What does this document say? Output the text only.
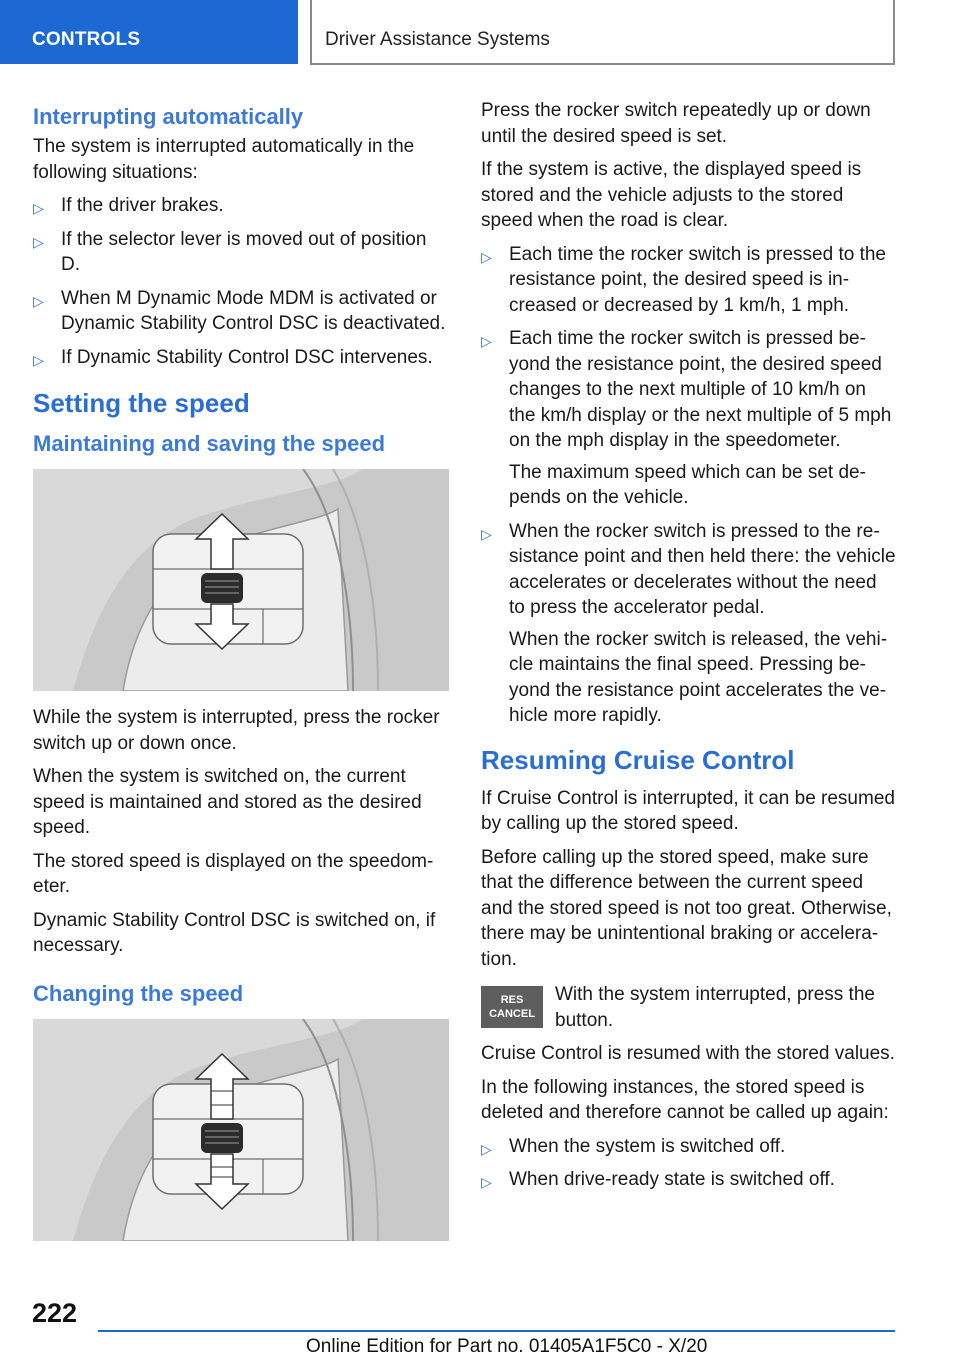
CONTROLS	Driver Assistance Systems
Interrupting automatically

The system is interrupted automatically in the following situations:

▷ If the driver brakes.
▷ If the selector lever is moved out of position D.
▷ When M Dynamic Mode MDM is activated or Dynamic Stability Control DSC is deactivated.
▷ If Dynamic Stability Control DSC intervenes.
Setting the speed
Maintaining and saving the speed

While the system is interrupted, press the rocker switch up or down once.

When the system is switched on, the current speed is maintained and stored as the desired speed.

The stored speed is displayed on the speedometer.

Dynamic Stability Control DSC is switched on, if necessary.

Changing the speed

Press the rocker switch repeatedly up or down until the desired speed is set.

If the system is active, the displayed speed is stored and the vehicle adjusts to the stored speed when the road is clear.

▷ Each time the rocker switch is pressed to the resistance point, the desired speed is increased or decreased by 1 km/h, 1 mph.
▷ Each time the rocker switch is pressed beyond the resistance point, the desired speed changes to the next multiple of 10 km/h on the km/h display or the next multiple of 5 mph on the mph display in the speedometer.

The maximum speed which can be set depends on the vehicle.

▷ When the rocker switch is pressed to the resistance point and then held there: the vehicle accelerates or decelerates without the need to press the accelerator pedal.

When the rocker switch is released, the vehicle maintains the final speed. Pressing beyond the resistance point accelerates the vehicle more rapidly.

Resuming Cruise Control

If Cruise Control is interrupted, it can be resumed by calling up the stored speed.

Before calling up the stored speed, make sure that the difference between the current speed and the stored speed is not too great. Otherwise, there may be unintentional braking or acceleration.

RES
CANCEL
With the system interrupted, press the button.

Cruise Control is resumed with the stored values.

In the following instances, the stored speed is deleted and therefore cannot be called up again:

▷ When the system is switched off.
▷ When drive-ready state is switched off.
222
Online Edition for Part no. 01405A1F5C0 - X/20
